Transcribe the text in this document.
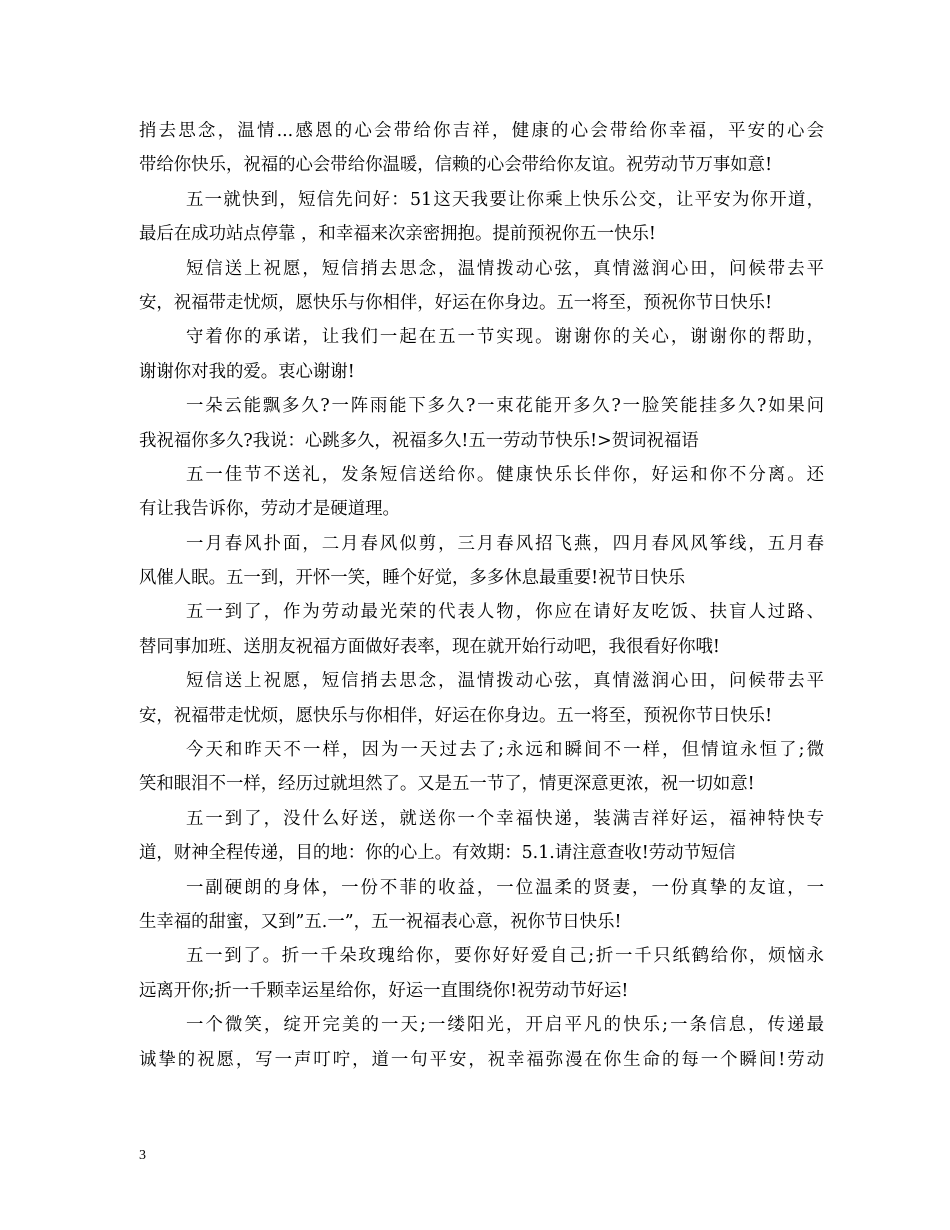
捎去思念，温情...感恩的心会带给你吉祥，健康的心会带给你幸福，平安的心会
带给你快乐，祝福的心会带给你温暖，信赖的心会带给你友谊。祝劳动节万事如意!
五一就快到，短信先问好：51这天我要让你乘上快乐公交，让平安为你开道，
最后在成功站点停靠 ，和幸福来次亲密拥抱。提前预祝你五一快乐!
短信送上祝愿，短信捎去思念，温情拨动心弦，真情滋润心田，问候带去平
安，祝福带走忧烦，愿快乐与你相伴，好运在你身边。五一将至，预祝你节日快乐!
守着你的承诺，让我们一起在五一节实现。谢谢你的关心，谢谢你的帮助，
谢谢你对我的爱。衷心谢谢!
一朵云能飘多久?一阵雨能下多久?一束花能开多久?一脸笑能挂多久?如果问
我祝福你多久?我说：心跳多久，祝福多久!五一劳动节快乐!>贺词祝福语
五一佳节不送礼，发条短信送给你。健康快乐长伴你，好运和你不分离。还
有让我告诉你，劳动才是硬道理。
一月春风扑面，二月春风似剪，三月春风招飞燕，四月春风风筝线，五月春
风催人眠。五一到，开怀一笑，睡个好觉，多多休息最重要!祝节日快乐
五一到了，作为劳动最光荣的代表人物，你应在请好友吃饭、扶盲人过路、
替同事加班、送朋友祝福方面做好表率，现在就开始行动吧，我很看好你哦!
短信送上祝愿，短信捎去思念，温情拨动心弦，真情滋润心田，问候带去平
安，祝福带走忧烦，愿快乐与你相伴，好运在你身边。五一将至，预祝你节日快乐!
今天和昨天不一样，因为一天过去了;永远和瞬间不一样，但情谊永恒了;微
笑和眼泪不一样，经历过就坦然了。又是五一节了，情更深意更浓，祝一切如意!
五一到了，没什么好送，就送你一个幸福快递，装满吉祥好运，福神特快专
道，财神全程传递，目的地：你的心上。有效期：5.1.请注意查收!劳动节短信
一副硬朗的身体，一份不菲的收益，一位温柔的贤妻，一份真挚的友谊，一
生幸福的甜蜜，又到”五.一”，五一祝福表心意，祝你节日快乐!
五一到了。折一千朵玫瑰给你，要你好好爱自己;折一千只纸鹤给你，烦恼永
远离开你;折一千颗幸运星给你，好运一直围绕你!祝劳动节好运!
一个微笑，绽开完美的一天;一缕阳光，开启平凡的快乐;一条信息，传递最
诚挚的祝愿，写一声叮咛，道一句平安，祝幸福弥漫在你生命的每一个瞬间!劳动
3
